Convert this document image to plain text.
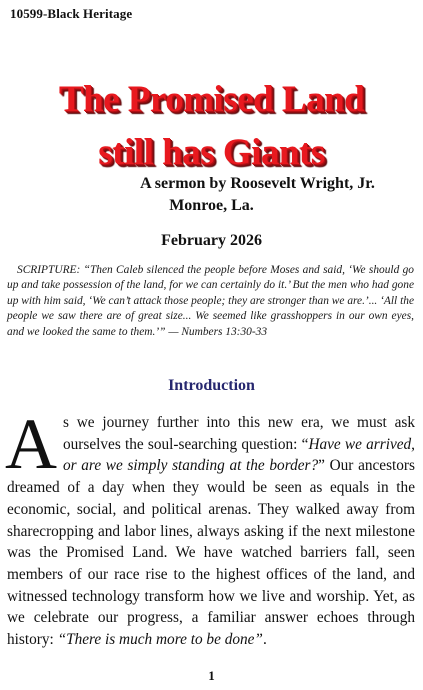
10599-Black Heritage
The Promised Land
still has Giants
A sermon by Roosevelt Wright, Jr.
Monroe, La.
February 2026
SCRIPTURE: “Then Caleb silenced the people before Moses and said, ‘We should go up and take possession of the land, for we can certainly do it.’ But the men who had gone up with him said, ‘We can’t attack those people; they are stronger than we are.’... ‘All the people we saw there are of great size... We seemed like grasshoppers in our own eyes, and we looked the same to them.’” — Numbers 13:30-33
Introduction
As we journey further into this new era, we must ask ourselves the soul-searching question: “Have we arrived, or are we simply standing at the border?” Our ancestors dreamed of a day when they would be seen as equals in the economic, social, and political arenas. They walked away from sharecropping and labor lines, always asking if the next milestone was the Promised Land. We have watched barriers fall, seen members of our race rise to the highest offices of the land, and witnessed technology transform how we live and worship. Yet, as we celebrate our progress, a familiar answer echoes through history: “There is much more to be done”.
1
